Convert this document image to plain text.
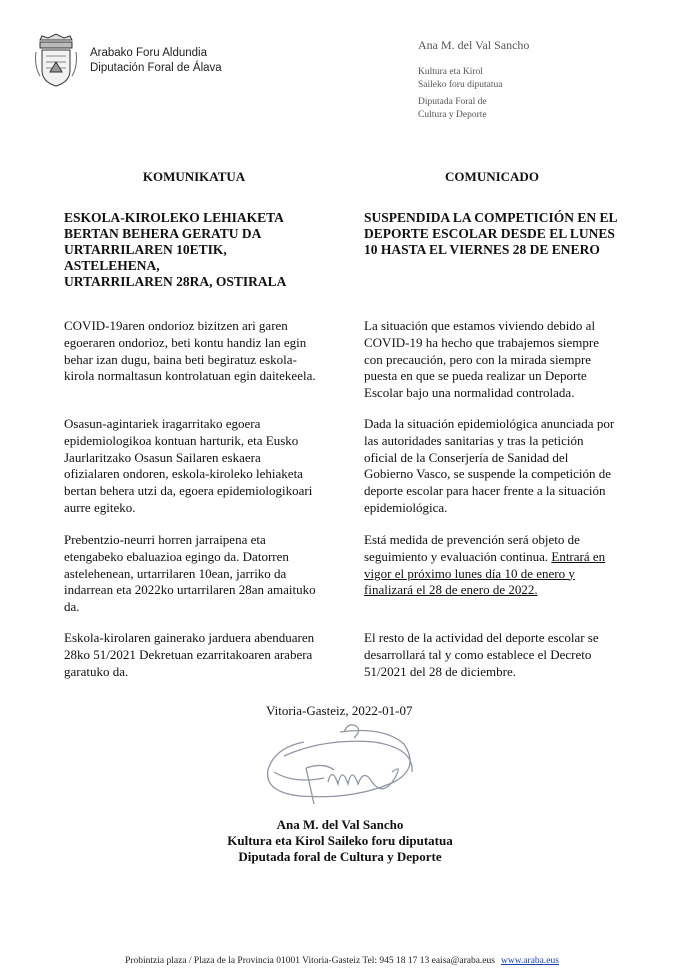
Arabako Foru Aldundia
Diputación Foral de Álava
Ana M. del Val Sancho
Kultura eta Kirol
Saileko foru diputatua
Diputada Foral de
Cultura y Deporte
KOMUNIKATUA	COMUNICADO
ESKOLA-KIROLEKO LEHIAKETA
BERTAN BEHERA GERATU DA
URTARRILAREN 10ETIK, ASTELEHENA,
URTARRILAREN 28RA, OSTIRALA
SUSPENDIDA LA COMPETICIÓN EN EL
DEPORTE ESCOLAR DESDE EL LUNES
10 HASTA EL VIERNES 28 DE ENERO
COVID-19aren ondorioz bizitzen ari garen
egoeraren ondorioz, beti kontu handiz lan egin
behar izan dugu, baina beti begiratuz eskola-
kirola normaltasun kontrolatuan egin daitekeela.
Osasun-agintariek iragarritako egoera
epidemiologikoa kontuan harturik, eta Eusko
Jaurlaritzako Osasun Sailaren eskaera
ofizialaren ondoren, eskola-kiroleko lehiaketa
bertan behera utzi da, egoera epidemiologikoari
aurre egiteko.
Prebentzio-neurri horren jarraipena eta
etengabeko ebaluazioa egingo da. Datorren
astelehenean, urtarrilaren 10ean, jarriko da
indarrean eta 2022ko urtarrilaren 28an amaituko
da.
Eskola-kirolaren gainerako jarduera abenduaren
28ko 51/2021 Dekretuan ezarritakoaren arabera
garatuko da.
La situación que estamos viviendo debido al
COVID-19 ha hecho que trabajemos siempre
con precaución, pero con la mirada siempre
puesta en que se pueda realizar un Deporte
Escolar bajo una normalidad controlada.
Dada la situación epidemiológica anunciada por
las autoridades sanitarias y tras la petición
oficial de la Conserjería de Sanidad del
Gobierno Vasco, se suspende la competición de
deporte escolar para hacer frente a la situación
epidemiológica.
Está medida de prevención será objeto de
seguimiento y evaluación continua. Entrará en
vigor el próximo lunes día 10 de enero y
finalizará el 28 de enero de 2022.
El resto de la actividad del deporte escolar se
desarrollará tal y como establece el Decreto
51/2021 del 28 de diciembre.
Vitoria-Gasteiz, 2022-01-07
Ana M. del Val Sancho
Kultura eta Kirol Saileko foru diputatua
Diputada foral de Cultura y Deporte
Probintzia plaza / Plaza de la Provincia 01001 Vitoria-Gasteiz Tel: 945 18 17 13 eaisa@araba.eus www.araba.eus
